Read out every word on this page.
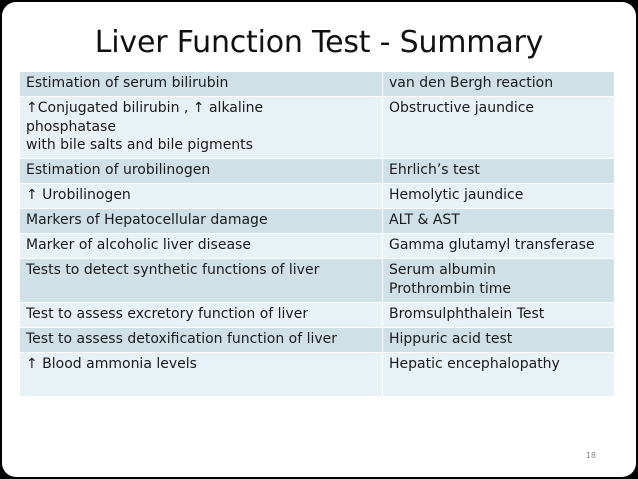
Liver Function Test - Summary
Estimation of serum bilirubin	van den Bergh reaction

↑Conjugated bilirubin , ↑ alkaline
phosphatase
with bile salts and bile pigments	Obstructive jaundice

Estimation of urobilinogen	Ehrlich’s test

↑ Urobilinogen	Hemolytic jaundice

Markers of Hepatocellular damage	ALT & AST

Marker of alcoholic liver disease	Gamma glutamyl transferase

Tests to detect synthetic functions of liver	Serum albumin
Prothrombin time

Test to assess excretory function of liver	Bromsulphthalein Test

Test to assess detoxification function of liver	Hippuric acid test

↑ Blood ammonia levels	Hepatic encephalopathy
18
